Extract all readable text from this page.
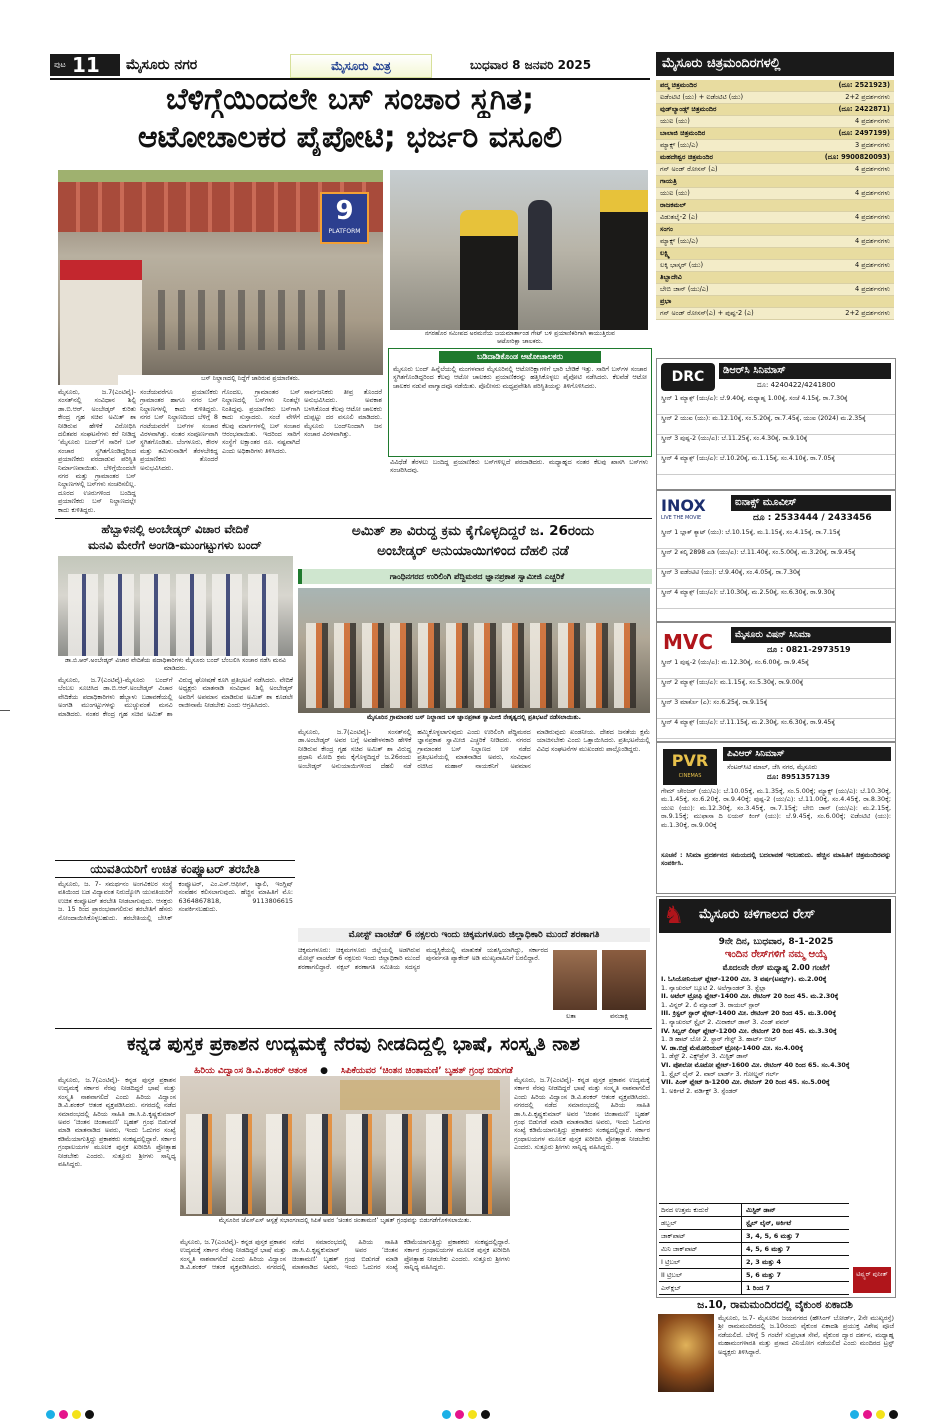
ಪುಟ 11 ಮೈಸೂರು ನಗರ	ಮೈಸೂರು ಮಿತ್ರ	ಬುಧವಾರ 8 ಜನವರಿ 2025	ಮೈಸೂರು ಚಿತ್ರಮಂದಿರಗಳಲ್ಲಿ
ಬೆಳಿಗ್ಗೆಯಿಂದಲೇ ಬಸ್ ಸಂಚಾರ ಸ್ಥಗಿತ;
ಆಟೋಚಾಲಕರ ಪೈಪೋಟಿ; ಭರ್ಜರಿ ವಸೂಲಿ
9
PLATFORM
ಬಸ್ ನಿಲ್ದಾಣದಲ್ಲಿ ನಿದ್ದೆಗೆ ಜಾರಿರುವ ಪ್ರಯಾಣಿಕರು.
ನಗರಹೊರ ಸಮೀಪದ ಅರಮನೆಯ ಜಯಮಾರ್ತಾಂಡ ಗೇಟ್ ಬಳಿ ಪ್ರಯಾಣಿಕರಿಗಾಗಿ ಕಾಯುತ್ತಿರುವ ಆಟೋರಿಕ್ಷಾ ಚಾಲಕರು.
ಬಡಿದಾಡಿಕೊಂಡ ಆಟೋಚಾಲಕರು
ಮೈಸೂರು ಬಂದ್ ಹಿನ್ನೆಲೆಯಲ್ಲಿ ಮಂಗಳವಾರ ಮೈಸೂರಿನಲ್ಲಿ ಆಟೋರಿಕ್ಷಾಗಳಿಗೆ ಭಾರಿ ಬೇಡಿಕೆ ಇತ್ತು. ಸಾರಿಗೆ ಬಸ್‌ಗಳ ಸಂಚಾರ ಸ್ಥಗಿತಗೊಂಡಿದ್ದರಿಂದ ಕೆಲವು ಆಟೋ ಚಾಲಕರು ಪ್ರಯಾಣಿಕರನ್ನು ಹತ್ತಿಸಿಕೊಳ್ಳಲು ಪೈಪೋಟಿ ನಡೆಸಿದರು. ಕೆಲವೆಡೆ ಆಟೋ ಚಾಲಕರ ನಡುವೆ ವಾಗ್ವಾದವೂ ನಡೆಯಿತು. ಪೊಲೀಸರು ಮಧ್ಯಪ್ರವೇಶಿಸಿ ಪರಿಸ್ಥಿತಿಯನ್ನು ತಿಳಿಗೊಳಿಸಿದರು.
ಮೈಸೂರು, ಜ.7(ಎಂಟಿವೈ)- ಸಂಸತ್‌ನಲ್ಲಿ ಸಂವಿಧಾನ ಶಿಲ್ಪಿ ಡಾ.ಬಿ.ಆರ್. ಅಂಬೇಡ್ಕರ್ ಕುರಿತು ಕೇಂದ್ರ ಗೃಹ ಸಚಿವ ಅಮಿತ್ ಶಾ ನೀಡಿರುವ ಹೇಳಿಕೆ ವಿರೋಧಿಸಿ ದಲಿತಪರ ಸಂಘಟನೆಗಳು ಕರೆ ನೀಡಿದ್ದ ‘ಮೈಸೂರು ಬಂದ್’ಗೆ ಸಾರಿಗೆ ಬಸ್ ಸಂಚಾರ ಸ್ಥಗಿತಗೊಂಡಿದ್ದರಿಂದ ಪ್ರಯಾಣಿಕರು ಪರದಾಡುವ ಪರಿಸ್ಥಿತಿ ನಿರ್ಮಾಣವಾಯಿತು. ಬೆಳಿಗ್ಗೆಯಿಂದಲೇ ನಗರ ಮತ್ತು ಗ್ರಾಮಾಂತರ ಬಸ್ ನಿಲ್ದಾಣಗಳಲ್ಲಿ ಬಸ್‌ಗಳು ಸಂಚರಿಸಲಿಲ್ಲ. ದೂರದ ಊರುಗಳಿಂದ ಬಂದಿದ್ದ ಪ್ರಯಾಣಿಕರು ಬಸ್ ನಿಲ್ದಾಣದಲ್ಲೇ ಕಾದು ಕುಳಿತಿದ್ದರು.
ಸಂಜೆಯವರೆಗೂ ಪ್ರಯಾಣಿಕರು ಗ್ರಾಮಾಂತರ ಹಾಗೂ ನಗರ ಬಸ್ ನಿಲ್ದಾಣಗಳಲ್ಲಿ ಕಾದು ಕುಳಿತಿದ್ದರು. ನಗರ ಬಸ್ ನಿಲ್ದಾಣದಿಂದ ಬೆಳಿಗ್ಗೆ 8 ಗಂಟೆಯವರೆಗೆ ಬಸ್‌ಗಳ ಸಂಚಾರ ವಿರಳವಾಗಿತ್ತು. ನಂತರ ಸಂಪೂರ್ಣವಾಗಿ ಸ್ಥಗಿತಗೊಂಡಿತು. ಬೆಂಗಳೂರು, ಕೇರಳ ಮತ್ತು ತಮಿಳುನಾಡಿಗೆ ತೆರಳಬೇಕಿದ್ದ ಪ್ರಯಾಣಿಕರು ತೊಂದರೆ ಅನುಭವಿಸಿದರು.
ಗೊಂದಲ, ಗ್ರಾಮಾಂತರ ಬಸ್ ನಿಲ್ದಾಣದಲ್ಲಿ ಬಸ್‌ಗಳು ನಿಂತಲ್ಲೇ ನಿಂತಿದ್ದವು. ಪ್ರಯಾಣಿಕರು ಬಸ್‌ಗಾಗಿ ಕಾದು ಸುಸ್ತಾದರು. ಸಂಜೆ ವೇಳೆಗೆ ಕೆಲವು ಮಾರ್ಗಗಳಲ್ಲಿ ಬಸ್ ಸಂಚಾರ ಆರಂಭವಾಯಿತು. ಇದರಿಂದ ಸಾರಿಗೆ ಸಂಸ್ಥೆಗೆ ಲಕ್ಷಾಂತರ ರೂ. ನಷ್ಟವಾಗಿದೆ ಎಂದು ಅಧಿಕಾರಿಗಳು ತಿಳಿಸಿದರು.
ಸಾರ್ವಜನಿಕರು ತೀವ್ರ ತೊಂದರೆ ಅನುಭವಿಸಿದರು. ಅವಕಾಶ ಬಳಸಿಕೊಂಡ ಕೆಲವು ಆಟೋ ಚಾಲಕರು ದುಪ್ಪಟ್ಟು ದರ ವಸೂಲಿ ಮಾಡಿದರು. ಮೈಸೂರು ಬಂದ್‌ನಿಂದಾಗಿ ಜನ ಸಂಚಾರ ವಿರಳವಾಗಿತ್ತು.
ವಿವಿಧೆಡೆ ತೆರಳಲು ಬಂದಿದ್ದ ಪ್ರಯಾಣಿಕರು ಬಸ್‌ಗಳಿಲ್ಲದೆ ಪರದಾಡಿದರು. ಮಧ್ಯಾಹ್ನದ ನಂತರ ಕೆಲವು ಖಾಸಗಿ ಬಸ್‌ಗಳು ಸಂಚರಿಸಿದವು.
ಹೆಬ್ಬಾಳಿನಲ್ಲಿ ಅಂಬೇಡ್ಕರ್ ವಿಚಾರ ವೇದಿಕೆ
ಮನವಿ ಮೇರೆಗೆ ಅಂಗಡಿ-ಮುಂಗಟ್ಟುಗಳು ಬಂದ್
ಡಾ.ಬಿ.ಆರ್.ಅಂಬೇಡ್ಕರ್ ವಿಚಾರ ವೇದಿಕೆಯ ಪದಾಧಿಕಾರಿಗಳು ಮೈಸೂರು ಬಂದ್ ಬೆಂಬಲಿಸಿ ಸಂಚಾರ ನಡೆಸಿ ಮನವಿ ಮಾಡಿದರು.
ಮೈಸೂರು, ಜ.7(ಎಂಟಿವೈ)-ಮೈಸೂರು ಬಂದ್‌ಗೆ ಬೆಂಬಲ ಸೂಚಿಸಿದ ಡಾ.ಬಿ.ಆರ್.ಅಂಬೇಡ್ಕರ್ ವಿಚಾರ ವೇದಿಕೆಯ ಪದಾಧಿಕಾರಿಗಳು ಹೆಬ್ಬಾಳು ಬಡಾವಣೆಯಲ್ಲಿ ಅಂಗಡಿ ಮುಂಗಟ್ಟುಗಳನ್ನು ಮುಚ್ಚುವಂತೆ ಮನವಿ ಮಾಡಿದರು. ನಂತರ ಕೇಂದ್ರ ಗೃಹ ಸಚಿವ ಅಮಿತ್ ಶಾ ವಿರುದ್ಧ ಘೋಷಣೆ ಕೂಗಿ ಪ್ರತಿಭಟನೆ ನಡೆಸಿದರು. ವೇದಿಕೆ ಅಧ್ಯಕ್ಷರು ಮಾತನಾಡಿ ಸಂವಿಧಾನ ಶಿಲ್ಪಿ ಅಂಬೇಡ್ಕರ್ ಅವರಿಗೆ ಅಪಮಾನ ಮಾಡಿರುವ ಅಮಿತ್ ಶಾ ಕೂಡಲೇ ರಾಜೀನಾಮೆ ನೀಡಬೇಕು ಎಂದು ಆಗ್ರಹಿಸಿದರು.
ಅಮಿತ್ ಶಾ ವಿರುದ್ಧ ಕ್ರಮ ಕೈಗೊಳ್ಳದಿದ್ದರೆ ಜ. 26ರಂದು
ಅಂಬೇಡ್ಕರ್ ಅನುಯಾಯಿಗಳಿಂದ ದೆಹಲಿ ನಡೆ
ಗಾಂಧಿನಗರದ ಉರಿಲಿಂಗಿ ಪೆದ್ದಿಮಠದ ಜ್ಞಾನಪ್ರಕಾಶ ಸ್ವಾಮೀಜಿ ಎಚ್ಚರಿಕೆ
ಮೈಸೂರಿನ ಗ್ರಾಮಾಂತರ ಬಸ್ ನಿಲ್ದಾಣದ ಬಳಿ ಜ್ಞಾನಪ್ರಕಾಶ ಸ್ವಾಮೀಜಿ ನೇತೃತ್ವದಲ್ಲಿ ಪ್ರತಿಭಟನೆ ನಡೆಸಲಾಯಿತು.
ಮೈಸೂರು, ಜ.7(ಎಂಟಿವೈ)- ಸಂಸತ್‌ನಲ್ಲಿ ಡಾ.ಅಂಬೇಡ್ಕರ್ ಅವರ ಬಗ್ಗೆ ಅವಹೇಳನಕಾರಿ ಹೇಳಿಕೆ ನೀಡಿರುವ ಕೇಂದ್ರ ಗೃಹ ಸಚಿವ ಅಮಿತ್ ಶಾ ವಿರುದ್ಧ ಪ್ರಧಾನಿ ಮೋದಿ ಕ್ರಮ ಕೈಗೊಳ್ಳದಿದ್ದರೆ ಜ.26ರಂದು ಅಂಬೇಡ್ಕರ್ ಅನುಯಾಯಿಗಳಿಂದ ದೆಹಲಿ ನಡೆ ಹಮ್ಮಿಕೊಳ್ಳಲಾಗುವುದು ಎಂದು ಉರಿಲಿಂಗಿ ಪೆದ್ದಿಮಠದ ಜ್ಞಾನಪ್ರಕಾಶ ಸ್ವಾಮೀಜಿ ಎಚ್ಚರಿಕೆ ನೀಡಿದರು. ನಗರದ ಗ್ರಾಮಾಂತರ ಬಸ್ ನಿಲ್ದಾಣದ ಬಳಿ ನಡೆದ ಪ್ರತಿಭಟನೆಯಲ್ಲಿ ಮಾತನಾಡಿದ ಅವರು, ಸಂವಿಧಾನ ರಚಿಸಿದ ಮಹಾನ್ ನಾಯಕನಿಗೆ ಅಪಮಾನ ಮಾಡಿರುವುದು ಖಂಡನೀಯ. ದೇಶದ ಜನತೆಯ ಕ್ಷಮೆ ಯಾಚಿಸಬೇಕು ಎಂದು ಒತ್ತಾಯಿಸಿದರು. ಪ್ರತಿಭಟನೆಯಲ್ಲಿ ವಿವಿಧ ಸಂಘಟನೆಗಳ ಮುಖಂಡರು ಪಾಲ್ಗೊಂಡಿದ್ದರು.
ಯುವತಿಯರಿಗೆ ಉಚಿತ ಕಂಪ್ಯೂಟರ್ ತರಬೇತಿ
ಮೈಸೂರು, ಜ. 7- ಸಮರ್ಥನಂ ಅಂಗವಿಕಲರ ಸಂಸ್ಥೆ ವತಿಯಿಂದ ಬಡ ವಿದ್ಯಾವಂತ ನಿರುದ್ಯೋಗಿ ಯುವತಿಯರಿಗೆ ಉಚಿತ ಕಂಪ್ಯೂಟರ್ ತರಬೇತಿ ನೀಡಲಾಗುವುದು. ಆಸಕ್ತರು ಜ. 15 ರಿಂದ ಪ್ರಾರಂಭವಾಗಲಿರುವ ತರಬೇತಿಗೆ ಹೆಸರು ನೋಂದಾಯಿಸಿಕೊಳ್ಳಬಹುದು. ತರಬೇತಿಯಲ್ಲಿ ಬೇಸಿಕ್ ಕಂಪ್ಯೂಟರ್, ಎಂ.ಎಸ್.ಆಫೀಸ್, ಟ್ಯಾಲಿ, ಇಂಗ್ಲಿಷ್ ಸಂವಹನ ಕಲಿಸಲಾಗುವುದು. ಹೆಚ್ಚಿನ ಮಾಹಿತಿಗೆ ಮೊ: 6364867818, 9113806615 ಸಂಪರ್ಕಿಸಬಹುದು.
ಮೋಸ್ಟ್ ವಾಂಟೆಡ್ 6 ನಕ್ಸಲರು ಇಂದು ಚಿಕ್ಕಮಗಳೂರು ಜಿಲ್ಲಾಧಿಕಾರಿ ಮುಂದೆ ಶರಣಾಗತಿ
ಚಿಕ್ಕಮಗಳೂರು: ಚಿಕ್ಕಮಗಳೂರು ಜಿಲ್ಲೆಯಲ್ಲಿ ಅಡಗಿರುವ ಮೋಸ್ಟ್ ವಾಂಟೆಡ್ 6 ನಕ್ಸಲರು ಇಂದು ಜಿಲ್ಲಾಧಿಕಾರಿ ಮುಂದೆ ಶರಣಾಗಲಿದ್ದಾರೆ. ನಕ್ಸಲ್ ಶರಣಾಗತಿ ಸಮಿತಿಯ ಸದಸ್ಯರ ಮಧ್ಯಸ್ಥಿಕೆಯಲ್ಲಿ ಮಾತುಕತೆ ಯಶಸ್ವಿಯಾಗಿದ್ದು, ಸರ್ಕಾರದ ಪುನರ್ವಸತಿ ಪ್ಯಾಕೇಜ್ ಅಡಿ ಮುಖ್ಯವಾಹಿನಿಗೆ ಬರಲಿದ್ದಾರೆ.
ಲತಾ	ವನಜಾಕ್ಷಿ
ಕನ್ನಡ ಪುಸ್ತಕ ಪ್ರಕಾಶನ ಉದ್ಯಮಕ್ಕೆ ನೆರವು ನೀಡದಿದ್ದಲ್ಲಿ ಭಾಷೆ, ಸಂಸ್ಕೃತಿ ನಾಶ
ಹಿರಿಯ ವಿದ್ವಾಂಸ ಡಿ.ವಿ.ಶಂಕರ್ ಆತಂಕ ● ಸಿಪಿಕೆಯವರ ‘ಚಿಂತನ ಚಿಂತಾಮಣಿ’ ಬೃಹತ್ ಗ್ರಂಥ ಬಿಡುಗಡೆ
ಮೈಸೂರು, ಜ.7(ಎಂಟಿವೈ)- ಕನ್ನಡ ಪುಸ್ತಕ ಪ್ರಕಾಶನ ಉದ್ಯಮಕ್ಕೆ ಸರ್ಕಾರ ನೆರವು ನೀಡದಿದ್ದರೆ ಭಾಷೆ ಮತ್ತು ಸಂಸ್ಕೃತಿ ನಾಶವಾಗಲಿದೆ ಎಂದು ಹಿರಿಯ ವಿದ್ವಾಂಸ ಡಿ.ವಿ.ಶಂಕರ್ ಆತಂಕ ವ್ಯಕ್ತಪಡಿಸಿದರು. ನಗರದಲ್ಲಿ ನಡೆದ ಸಮಾರಂಭದಲ್ಲಿ ಹಿರಿಯ ಸಾಹಿತಿ ಡಾ.ಸಿ.ಪಿ.ಕೃಷ್ಣಕುಮಾರ್ ಅವರ ‘ಚಿಂತನ ಚಿಂತಾಮಣಿ’ ಬೃಹತ್ ಗ್ರಂಥ ಬಿಡುಗಡೆ ಮಾಡಿ ಮಾತನಾಡಿದ ಅವರು, ಇಂದು ಓದುಗರ ಸಂಖ್ಯೆ ಕಡಿಮೆಯಾಗುತ್ತಿದ್ದು ಪ್ರಕಾಶಕರು ಸಂಕಷ್ಟದಲ್ಲಿದ್ದಾರೆ. ಸರ್ಕಾರ ಗ್ರಂಥಾಲಯಗಳ ಮೂಲಕ ಪುಸ್ತಕ ಖರೀದಿಸಿ ಪ್ರೋತ್ಸಾಹ ನೀಡಬೇಕು ಎಂದರು. ಸುತ್ತೂರು ಶ್ರೀಗಳು ಸಾನ್ನಿಧ್ಯ ವಹಿಸಿದ್ದರು.
ಮೈಸೂರಿನ ಜೆಎಸ್‌ಎಸ್ ಆಸ್ಪತ್ರೆ ಸಭಾಂಗಣದಲ್ಲಿ ಸಿಪಿಕೆ ಅವರ ‘ಚಿಂತನ ಚಿಂತಾಮಣಿ’ ಬೃಹತ್ ಗ್ರಂಥವನ್ನು ಬಿಡುಗಡೆಗೊಳಿಸಲಾಯಿತು.
ಮೈಸೂರು, ಜ.7(ಎಂಟಿವೈ)- ಕನ್ನಡ ಪುಸ್ತಕ ಪ್ರಕಾಶನ ಉದ್ಯಮಕ್ಕೆ ಸರ್ಕಾರ ನೆರವು ನೀಡದಿದ್ದರೆ ಭಾಷೆ ಮತ್ತು ಸಂಸ್ಕೃತಿ ನಾಶವಾಗಲಿದೆ ಎಂದು ಹಿರಿಯ ವಿದ್ವಾಂಸ ಡಿ.ವಿ.ಶಂಕರ್ ಆತಂಕ ವ್ಯಕ್ತಪಡಿಸಿದರು. ನಗರದಲ್ಲಿ ನಡೆದ ಸಮಾರಂಭದಲ್ಲಿ ಹಿರಿಯ ಸಾಹಿತಿ ಡಾ.ಸಿ.ಪಿ.ಕೃಷ್ಣಕುಮಾರ್ ಅವರ ‘ಚಿಂತನ ಚಿಂತಾಮಣಿ’ ಬೃಹತ್ ಗ್ರಂಥ ಬಿಡುಗಡೆ ಮಾಡಿ ಮಾತನಾಡಿದ ಅವರು, ಇಂದು ಓದುಗರ ಸಂಖ್ಯೆ ಕಡಿಮೆಯಾಗುತ್ತಿದ್ದು ಪ್ರಕಾಶಕರು ಸಂಕಷ್ಟದಲ್ಲಿದ್ದಾರೆ. ಸರ್ಕಾರ ಗ್ರಂಥಾಲಯಗಳ ಮೂಲಕ ಪುಸ್ತಕ ಖರೀದಿಸಿ ಪ್ರೋತ್ಸಾಹ ನೀಡಬೇಕು ಎಂದರು. ಸುತ್ತೂರು ಶ್ರೀಗಳು ಸಾನ್ನಿಧ್ಯ ವಹಿಸಿದ್ದರು.
ಮೈಸೂರು, ಜ.7(ಎಂಟಿವೈ)- ಕನ್ನಡ ಪುಸ್ತಕ ಪ್ರಕಾಶನ ಉದ್ಯಮಕ್ಕೆ ಸರ್ಕಾರ ನೆರವು ನೀಡದಿದ್ದರೆ ಭಾಷೆ ಮತ್ತು ಸಂಸ್ಕೃತಿ ನಾಶವಾಗಲಿದೆ ಎಂದು ಹಿರಿಯ ವಿದ್ವಾಂಸ ಡಿ.ವಿ.ಶಂಕರ್ ಆತಂಕ ವ್ಯಕ್ತಪಡಿಸಿದರು. ನಗರದಲ್ಲಿ ನಡೆದ ಸಮಾರಂಭದಲ್ಲಿ ಹಿರಿಯ ಸಾಹಿತಿ ಡಾ.ಸಿ.ಪಿ.ಕೃಷ್ಣಕುಮಾರ್ ಅವರ ‘ಚಿಂತನ ಚಿಂತಾಮಣಿ’ ಬೃಹತ್ ಗ್ರಂಥ ಬಿಡುಗಡೆ ಮಾಡಿ ಮಾತನಾಡಿದ ಅವರು, ಇಂದು ಓದುಗರ ಸಂಖ್ಯೆ ಕಡಿಮೆಯಾಗುತ್ತಿದ್ದು ಪ್ರಕಾಶಕರು ಸಂಕಷ್ಟದಲ್ಲಿದ್ದಾರೆ. ಸರ್ಕಾರ ಗ್ರಂಥಾಲಯಗಳ ಮೂಲಕ ಪುಸ್ತಕ ಖರೀದಿಸಿ ಪ್ರೋತ್ಸಾಹ ನೀಡಬೇಕು ಎಂದರು. ಸುತ್ತೂರು ಶ್ರೀಗಳು ಸಾನ್ನಿಧ್ಯ ವಹಿಸಿದ್ದರು.
ಪದ್ಮ ಚಿತ್ರಮಂದಿರ	(ದೂ: 2521923)
ಐಡೆಂಟಿಟಿ (ಯು) + ಐಡೆಂಟಿಟಿ (ಯು)	2+2 ಪ್ರದರ್ಶನಗಳು
ವುಡ್‌ಲ್ಯಾಂಡ್ಸ್ ಚಿತ್ರಮಂದಿರ	(ದೂ: 2422871)
ಯುಐ (ಯು)	4 ಪ್ರದರ್ಶನಗಳು
ಬಾಲಾಜಿ ಚಿತ್ರಮಂದಿರ	(ದೂ: 2497199)
ಮ್ಯಾಕ್ಸ್ (ಯು/ಎ)	3 ಪ್ರದರ್ಶನಗಳು
ಮಹದೇಶ್ವರ ಚಿತ್ರಮಂದಿರ	(ದೂ: 9900820093)
ಗನ್ ಅಂಡ್ ರೋಸಸ್ (ಎ)	4 ಪ್ರದರ್ಶನಗಳು
ಗಾಯತ್ರಿ
ಯುಐ (ಯು)	4 ಪ್ರದರ್ಶನಗಳು
ರಾಜಕಮಲ್
ವಿಡುತಲೈ-2 (ಎ)	4 ಪ್ರದರ್ಶನಗಳು
ಸಂಗಂ
ಮ್ಯಾಕ್ಸ್ (ಯು/ಎ)	4 ಪ್ರದರ್ಶನಗಳು
ಲಕ್ಷ್ಮಿ
ಲಕ್ಕಿ ಭಾಸ್ಕರ್ (ಯು)	4 ಪ್ರದರ್ಶನಗಳು
ತಿಬ್ಬಾದೇವಿ
ಬೇಬಿ ಜಾನ್ (ಯು/ಎ)	4 ಪ್ರದರ್ಶನಗಳು
ಪ್ರಭಾ
ಗನ್ ಅಂಡ್ ರೋಸಸ್(ಎ) + ಪುಷ್ಪ-2 (ಎ)	2+2 ಪ್ರದರ್ಶನಗಳು
DRC	ಡಿಆರ್‌ಸಿ ಸಿನಿಮಾಸ್
ದೂ: 4240422/4241800
ಸ್ಕ್ರೀನ್ 1 ಮ್ಯಾಕ್ಸ್ (ಯು/ಎ): ಬೆ.9.40ಕ್ಕೆ, ಮಧ್ಯಾಹ್ನ 1.00ಕ್ಕೆ, ಸಂಜೆ 4.15ಕ್ಕೆ, ರಾ.7.30ಕ್ಕೆ
ಸ್ಕ್ರೀನ್ 2 ಯುಐ (ಯು): ಮ.12.10ಕ್ಕೆ, ಸಂ.5.20ಕ್ಕೆ, ರಾ.7.45ಕ್ಕೆ, ಯುಐ (2024) ಮ.2.35ಕ್ಕೆ
ಸ್ಕ್ರೀನ್ 3 ಪುಷ್ಪ-2 (ಯು/ಎ): ಬೆ.11.25ಕ್ಕೆ, ಸಂ.4.30ಕ್ಕೆ, ರಾ.9.10ಕ್ಕೆ
ಸ್ಕ್ರೀನ್ 4 ಮ್ಯಾಕ್ಸ್ (ಯು/ಎ): ಬೆ.10.20ಕ್ಕೆ, ಮ.1.15ಕ್ಕೆ, ಸಂ.4.10ಕ್ಕೆ, ರಾ.7.05ಕ್ಕೆ
INOX
LIVE THE MOVIE
ಐನಾಕ್ಸ್ ಮೂವೀಸ್
ದೂ : 2533444 / 2433456
ಸ್ಕ್ರೀನ್ 1 ಬ್ಲಾಕ್ ಕ್ಯಾಟ್ (ಯು): ಬೆ.10.15ಕ್ಕೆ, ಮ.1.15ಕ್ಕೆ, ಸಂ.4.15ಕ್ಕೆ, ರಾ.7.15ಕ್ಕೆ
ಸ್ಕ್ರೀನ್ 2 ಕಲ್ಕಿ 2898 ಎಡಿ (ಯು/ಎ): ಬೆ.11.40ಕ್ಕೆ, ಸಂ.5.00ಕ್ಕೆ, ಮ.3.20ಕ್ಕೆ, ರಾ.9.45ಕ್ಕೆ
ಸ್ಕ್ರೀನ್ 3 ಐಡೆಂಟಿಟಿ (ಯು): ಬೆ.9.40ಕ್ಕೆ, ಸಂ.4.05ಕ್ಕೆ, ರಾ.7.30ಕ್ಕೆ
ಸ್ಕ್ರೀನ್ 4 ಮ್ಯಾಕ್ಸ್ (ಯು/ಎ): ಬೆ.10.30ಕ್ಕೆ, ಮ.2.50ಕ್ಕೆ, ಸಂ.6.30ಕ್ಕೆ, ರಾ.9.30ಕ್ಕೆ
MVC	ಮೈಸೂರು ವಿಷನ್ ಸಿನಿಮಾ
ದೂ : 0821-2973519
ಸ್ಕ್ರೀನ್ 1 ಪುಷ್ಪ-2 (ಯು/ಎ): ಮ.12.30ಕ್ಕೆ, ಸಂ.6.00ಕ್ಕೆ, ರಾ.9.45ಕ್ಕೆ
ಸ್ಕ್ರೀನ್ 2 ಮ್ಯಾಕ್ಸ್ (ಯು/ಎ): ಮ.1.15ಕ್ಕೆ, ಸಂ.5.30ಕ್ಕೆ, ರಾ.9.00ಕ್ಕೆ
ಸ್ಕ್ರೀನ್ 3 ಮಾರ್ಕೊ (ಎ): ಸಂ.6.25ಕ್ಕೆ, ರಾ.9.15ಕ್ಕೆ
ಸ್ಕ್ರೀನ್ 4 ಮ್ಯಾಕ್ಸ್ (ಯು/ಎ): ಬೆ.11.15ಕ್ಕೆ, ಮ.2.30ಕ್ಕೆ, ಸಂ.6.30ಕ್ಕೆ, ರಾ.9.45ಕ್ಕೆ
PVR
CINEMAS
ಪಿವಿಆರ್ ಸಿನಿಮಾಸ್
ಸೆಂಟರ್‌ಸಿಟಿ ಮಾಲ್, ಜೆಸಿ ನಗರ, ಮೈಸೂರು
ದೂ: 8951357139
ಗೇಮ್ ಚೇಂಜರ್ (ಯು/ಎ): ಬೆ.10.05ಕ್ಕೆ, ಮ.1.35ಕ್ಕೆ, ಸಂ.5.00ಕ್ಕೆ; ಮ್ಯಾಕ್ಸ್ (ಯು/ಎ): ಬೆ.10.30ಕ್ಕೆ, ಮ.1.45ಕ್ಕೆ, ಸಂ.6.20ಕ್ಕೆ, ರಾ.9.40ಕ್ಕೆ; ಪುಷ್ಪ-2 (ಯು/ಎ): ಬೆ.11.00ಕ್ಕೆ, ಸಂ.4.45ಕ್ಕೆ, ರಾ.8.30ಕ್ಕೆ; ಯುಐ (ಯು): ಮ.12.30ಕ್ಕೆ, ಸಂ.3.45ಕ್ಕೆ, ರಾ.7.15ಕ್ಕೆ; ಬೇಬಿ ಜಾನ್ (ಯು/ಎ): ಮ.2.15ಕ್ಕೆ, ರಾ.9.15ಕ್ಕೆ; ಮುಫಾಸಾ ದಿ ಲಯನ್ ಕಿಂಗ್ (ಯು): ಬೆ.9.45ಕ್ಕೆ, ಸಂ.6.00ಕ್ಕೆ; ಐಡೆಂಟಿಟಿ (ಯು): ಮ.1.30ಕ್ಕೆ, ರಾ.9.00ಕ್ಕೆ
ಸೂಚನೆ : ಸಿನಿಮಾ ಪ್ರದರ್ಶನದ ಸಮಯದಲ್ಲಿ ಬದಲಾವಣೆ ಇರಬಹುದು. ಹೆಚ್ಚಿನ ಮಾಹಿತಿಗೆ ಚಿತ್ರಮಂದಿರವನ್ನು ಸಂಪರ್ಕಿಸಿ.
♞ ಮೈಸೂರು ಚಳಿಗಾಲದ ರೇಸ್
9ನೇ ದಿನ, ಬುಧವಾರ, 8-1-2025
ಇಂದಿನ ರೇಸ್‌ಗಳಿಗೆ ನಮ್ಮ ಆಯ್ಕೆ
ಮೊದಲನೇ ರೇಸ್ ಮಧ್ಯಾಹ್ನ 2.00 ಗಂಟೆಗೆ
I. ಓಸಿಯೋನಿಯಸ್ ಪ್ಲೇಟ್-1200 ಮೀ. 3 ವರ್ಷ(ಟರ್ಮ್ಸ್). ಮ.2.00ಕ್ಕೆ
1. ನ್ಯಾಚುರಲ್ ಬ್ಯೂಟಿ 2. ಅಲೆಗ್ಸಾಂಡರ್ 3. ಸ್ಟೆಲ್ಲಾ
II. ಅಟೆಲ್ ಟ್ರೋಫಿ ಪ್ಲೇಟ್-1400 ಮೀ. ರೇಟಿಂಗ್ 20 ರಿಂದ 45. ಮ.2.30ಕ್ಕೆ
1. ವಿನ್ನರ್ 2. ಲಿ ಮ್ಯಾಂಡ್ 3. ರಾಯಲ್ ಸ್ಟಾರ್
III. ಕ್ರಿಸ್ಟಲ್ ಸ್ಟಾರ್ ಪ್ಲೇಟ್-1400 ಮೀ. ರೇಟಿಂಗ್ 20 ರಿಂದ 45. ಮ.3.00ಕ್ಕೆ
1. ನ್ಯಾಚುರಲ್ ಸ್ಟೈಲ್ 2. ಮಿರಾಕಲ್ ಡಾನ್ 3. ವಿಂಡ್ ಪವರ್
IV. ಸಿಲ್ವರ್ ಲೀಫ್ ಪ್ಲೇಟ್-1200 ಮೀ. ರೇಟಿಂಗ್ 20 ರಿಂದ 45. ಮ.3.30ಕ್ಕೆ
1. ಡಿ ಹಾಟ್ ಬೋ 2. ಸ್ಟಾರ್ ಗೇಸ್ಟ್ 3. ಹಾರ್ಟ್ ಬೀಟ್
V. ಡಾ.ಬಿಡ್ರೆ ಮೆಮೋರಿಯಲ್ ಟ್ರೋಫಿ-1400 ಮೀ. ಸಂ.4.00ಕ್ಕೆ
1. ಡೆಸ್ಟ್ 2. ಎಕ್ಸ್‌ಪ್ರೆಸ್ 3. ಮಿಸ್ಟಿಕ್ ಡಾನ್
VI. ಪೋಲೋ ಮೊಟೋ ಪ್ಲೇಟ್-1600 ಮೀ. ರೇಟಿಂಗ್ 40 ರಿಂದ 65. ಸಂ.4.30ಕ್ಕೆ
1. ಸ್ಟೈಲ್ ಲೈನ್ 2. ವಾರ್ ಲಾರ್ಡ್ 3. ಗೋಲ್ಡನ್ ಗರ್ಲ್
VII. ಪಿಂಕ್ ಪ್ಲೇಟ್ ಡಿ-1200 ಮೀ. ರೇಟಿಂಗ್ 20 ರಿಂದ 45. ಸಂ.5.00ಕ್ಕೆ
1. ಅರ್ಕಿಟೆ 2. ವರ್ಡಿಕ್ಟ್ 3. ಸ್ಪೆಂಡರ್
ದಿನದ ಉತ್ತಮ ಕುದುರೆ	ಮಿಸ್ಟಿಕ್ ಡಾನ್
ಡಬ್ಬಲ್	ಸ್ಟೈಲ್ ಲೈನ್, ಅರ್ಕಿಟೆ
ಜಾಕ್‌ಪಾಟ್	3, 4, 5, 6 ಮತ್ತು 7
ಮಿನಿ ಜಾಕ್‌ಪಾಟ್	4, 5, 6 ಮತ್ತು 7
I ಟ್ರಿಬಲ್	2, 3 ಮತ್ತು 4
II ಟ್ರಿಬಲ್	5, 6 ಮತ್ತು 7
ಎಸ್‌ಕ್ಲಬ್	1 ರಿಂದ 7
ಟಿಪ್ಸ್ಟರ್ ಪುನೀತ್
ಜ.10, ರಾಮಮಂದಿರದಲ್ಲಿ ವೈಕುಂಠ ಏಕಾದಶಿ
ಮೈಸೂರು, ಜ.7- ಮೈಸೂರಿನ ಜಯನಗರದ (ಹೌಸಿಂಗ್ ಬೋರ್ಡ್, 2ನೇ ಮುಖ್ಯರಸ್ತೆ) ಶ್ರೀ ರಾಮಮಂದಿರದಲ್ಲಿ ಜ.10ರಂದು ವೈಕುಂಠ ಏಕಾದಶಿ ಪ್ರಯುಕ್ತ ವಿಶೇಷ ಪೂಜೆ ನಡೆಯಲಿದೆ. ಬೆಳಿಗ್ಗೆ 5 ಗಂಟೆಗೆ ಸುಪ್ರಭಾತ ಸೇವೆ, ವೈಕುಂಠ ದ್ವಾರ ದರ್ಶನ, ಮಧ್ಯಾಹ್ನ ಮಹಾಮಂಗಳಾರತಿ ಮತ್ತು ಪ್ರಸಾದ ವಿನಿಯೋಗ ನಡೆಯಲಿದೆ ಎಂದು ಮಂದಿರದ ಟ್ರಸ್ಟ್ ಅಧ್ಯಕ್ಷರು ತಿಳಿಸಿದ್ದಾರೆ.
